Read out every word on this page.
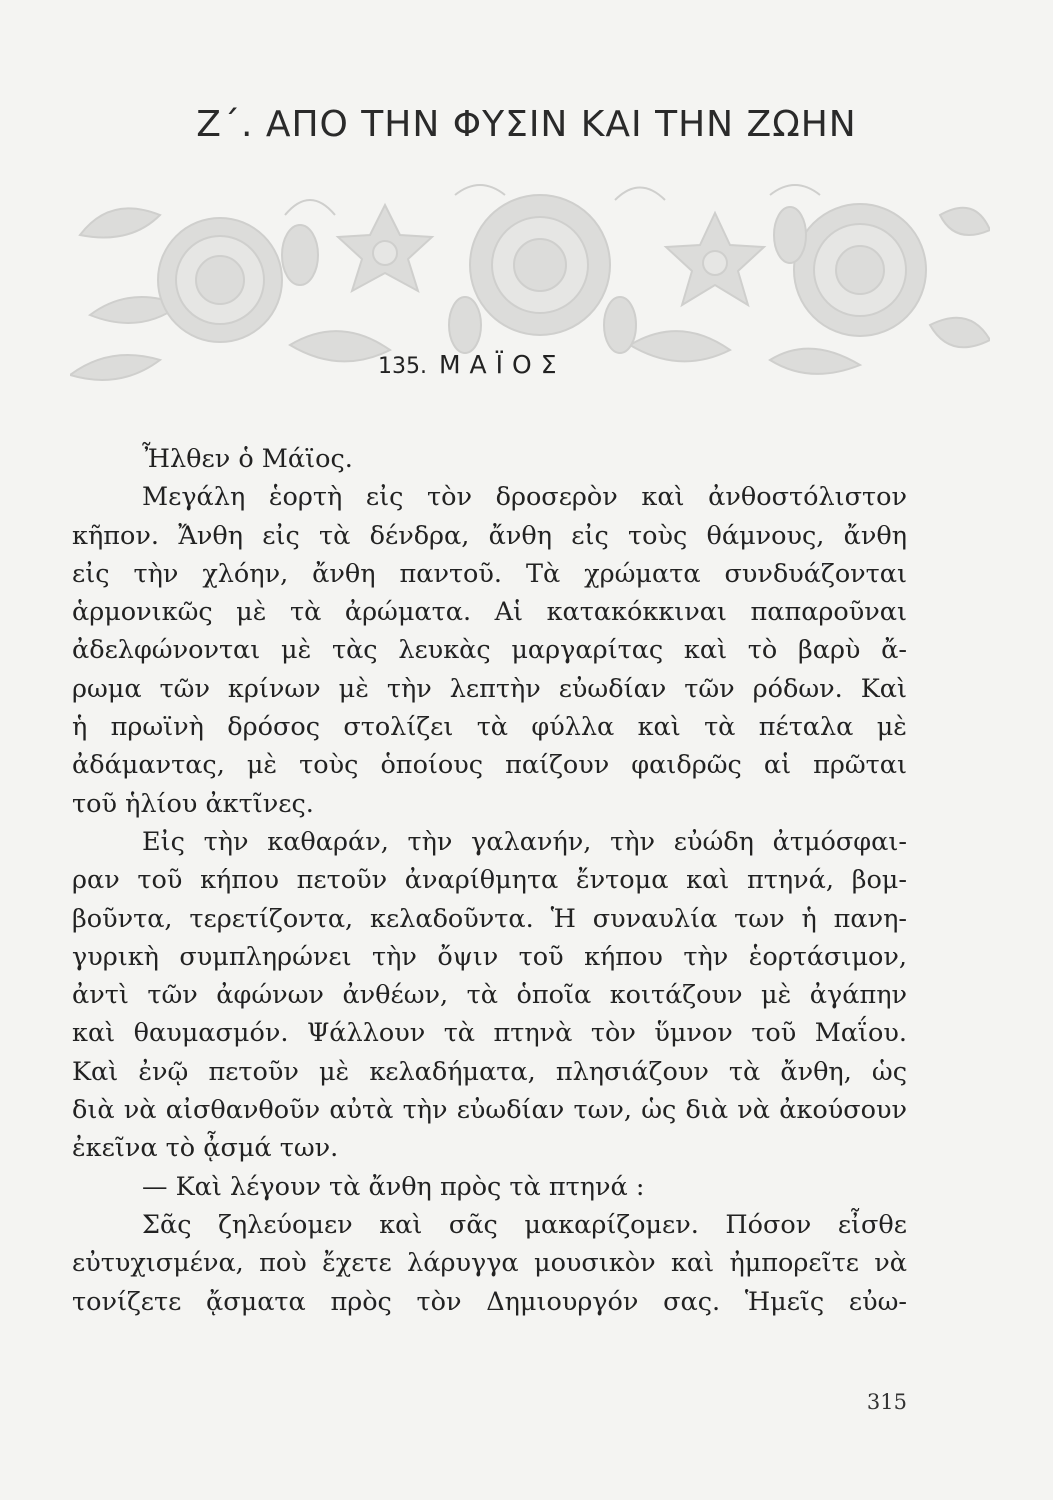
Ζ΄. ΑΠΟ ΤΗΝ ΦΥΣΙΝ ΚΑΙ ΤΗΝ ΖΩΗΝ
135. ΜΑΪΟΣ
Ἦλθεν ὁ Μάϊος.
Μεγάλη ἑορτὴ εἰς τὸν δροσερὸν καὶ ἀνθοστόλιστον
κῆπον. Ἄνθη εἰς τὰ δένδρα, ἄνθη εἰς τοὺς θάμνους, ἄνθη
εἰς τὴν χλόην, ἄνθη παντοῦ. Τὰ χρώματα συνδυάζονται
ἁρμονικῶς μὲ τὰ ἀρώματα. Αἱ κατακόκκιναι παπαροῦναι
ἀδελφώνονται μὲ τὰς λευκὰς μαργαρίτας καὶ τὸ βαρὺ ἄ-
ρωμα τῶν κρίνων μὲ τὴν λεπτὴν εὐωδίαν τῶν ρόδων. Καὶ
ἡ πρωϊνὴ δρόσος στολίζει τὰ φύλλα καὶ τὰ πέταλα μὲ
ἀδάμαντας, μὲ τοὺς ὁποίους παίζουν φαιδρῶς αἱ πρῶται
τοῦ ἡλίου ἀκτῖνες.
Εἰς τὴν καθαράν, τὴν γαλανήν, τὴν εὐώδη ἀτμόσφαι-
ραν τοῦ κήπου πετοῦν ἀναρίθμητα ἔντομα καὶ πτηνά, βομ-
βοῦντα, τερετίζοντα, κελαδοῦντα. Ἡ συναυλία των ἡ πανη-
γυρικὴ συμπληρώνει τὴν ὄψιν τοῦ κήπου τὴν ἑορτάσιμον,
ἀντὶ τῶν ἀφώνων ἀνθέων, τὰ ὁποῖα κοιτάζουν μὲ ἀγάπην
καὶ θαυμασμόν. Ψάλλουν τὰ πτηνὰ τὸν ὕμνον τοῦ Μαΐου.
Καὶ ἐνῷ πετοῦν μὲ κελαδήματα, πλησιάζουν τὰ ἄνθη, ὡς
διὰ νὰ αἰσθανθοῦν αὐτὰ τὴν εὐωδίαν των, ὡς διὰ νὰ ἀκούσουν
ἐκεῖνα τὸ ᾆσμά των.
— Καὶ λέγουν τὰ ἄνθη πρὸς τὰ πτηνά :
Σᾶς ζηλεύομεν καὶ σᾶς μακαρίζομεν. Πόσον εἶσθε
εὐτυχισμένα, ποὺ ἔχετε λάρυγγα μουσικὸν καὶ ἠμπορεῖτε νὰ
τονίζετε ᾄσματα πρὸς τὸν Δημιουργόν σας. Ἡμεῖς εὐω-
315
